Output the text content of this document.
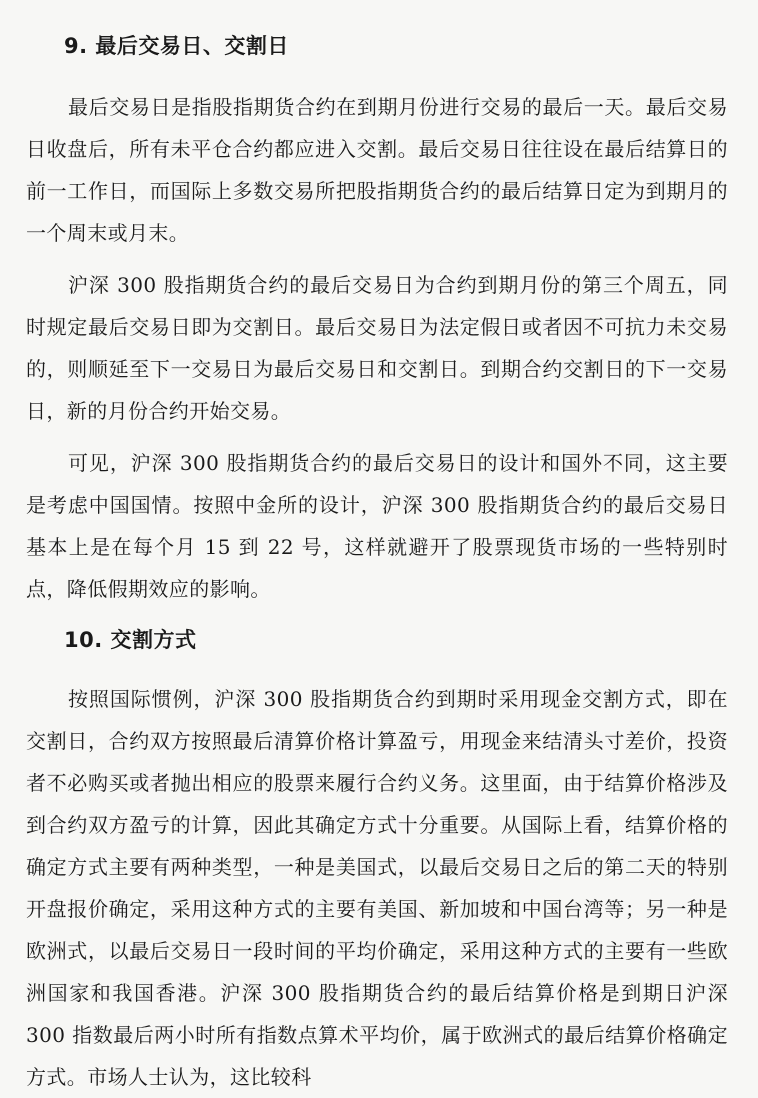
9. 最后交易日、交割日

最后交易日是指股指期货合约在到期月份进行交易的最后一天。最后交易日收盘后，所有未平仓合约都应进入交割。最后交易日往往设在最后结算日的前一工作日，而国际上多数交易所把股指期货合约的最后结算日定为到期月的一个周末或月末。

沪深 300 股指期货合约的最后交易日为合约到期月份的第三个周五，同时规定最后交易日即为交割日。最后交易日为法定假日或者因不可抗力未交易的，则顺延至下一交易日为最后交易日和交割日。到期合约交割日的下一交易日，新的月份合约开始交易。

可见，沪深 300 股指期货合约的最后交易日的设计和国外不同，这主要是考虑中国国情。按照中金所的设计，沪深 300 股指期货合约的最后交易日基本上是在每个月 15 到 22 号，这样就避开了股票现货市场的一些特别时点，降低假期效应的影响。

10. 交割方式

按照国际惯例，沪深 300 股指期货合约到期时采用现金交割方式，即在交割日，合约双方按照最后清算价格计算盈亏，用现金来结清头寸差价，投资者不必购买或者抛出相应的股票来履行合约义务。这里面，由于结算价格涉及到合约双方盈亏的计算，因此其确定方式十分重要。从国际上看，结算价格的确定方式主要有两种类型，一种是美国式，以最后交易日之后的第二天的特别开盘报价确定，采用这种方式的主要有美国、新加坡和中国台湾等；另一种是欧洲式，以最后交易日一段时间的平均价确定，采用这种方式的主要有一些欧洲国家和我国香港。沪深 300 股指期货合约的最后结算价格是到期日沪深 300 指数最后两小时所有指数点算术平均价，属于欧洲式的最后结算价格确定方式。市场人士认为，这比较科
